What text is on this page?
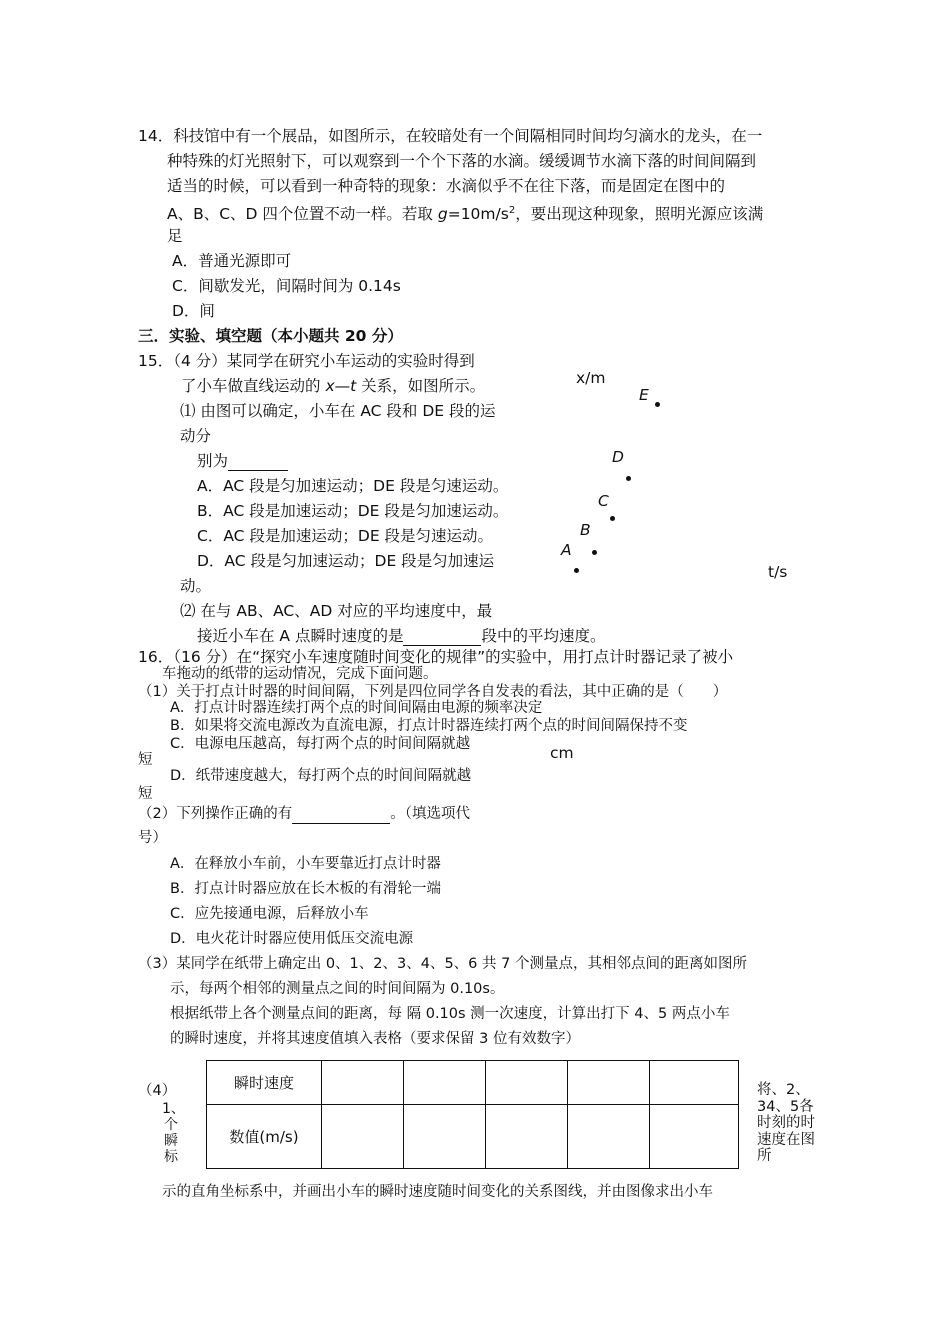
14．科技馆中有一个展品，如图所示，在较暗处有一个间隔相同时间均匀滴水的龙头，在一
种特殊的灯光照射下，可以观察到一个个下落的水滴。缓缓调节水滴下落的时间间隔到
适当的时候，可以看到一种奇特的现象：水滴似乎不在往下落，而是固定在图中的
A、B、C、D 四个位置不动一样。若取 $g=10m/s^2$，要出现这种现象，照明光源应该满
足
A．普通光源即可
C．间歇发光，间隔时间为 0.14s
D．间
三．实验、填空题（本小题共 20 分）
15．（4 分）某同学在研究小车运动的实验时得到
了小车做直线运动的 x—t 关系，如图所示。
⑴ 由图可以确定，小车在 AC 段和 DE 段的运
动分
别为
A．AC 段是匀加速运动；DE 段是匀速运动。
B．AC 段是加速运动；DE 段是匀加速运动。
C．AC 段是加速运动；DE 段是匀速运动。
D．AC 段是匀加速运动；DE 段是匀加速运
动。
⑵ 在与 AB、AC、AD 对应的平均速度中，最
接近小车在 A 点瞬时速度的是	段中的平均速度。
x/m
t/s
E
D
C
B
A
16．（16 分）在“探究小车速度随时间变化的规律”的实验中，用打点计时器记录了被小
车拖动的纸带的运动情况，完成下面问题。
（1）关于打点计时器的时间间隔，下列是四位同学各自发表的看法，其中正确的是（　　）
A．打点计时器连续打两个点的时间间隔由电源的频率决定
B．如果将交流电源改为直流电源，打点计时器连续打两个点的时间间隔保持不变
C．电源电压越高，每打两个点的时间间隔就越
短	cm
D．纸带速度越大，每打两个点的时间间隔就越
短
（2）下列操作正确的有	。（填选项代
号）
A．在释放小车前，小车要靠近打点计时器
B．打点计时器应放在长木板的有滑轮一端
C．应先接通电源，后释放小车
D．电火花计时器应使用低压交流电源
（3）某同学在纸带上确定出 0、1、2、3、4、5、6 共 7 个测量点，其相邻点间的距离如图所
示，每两个相邻的测量点之间的时间间隔为 0.10s。
根据纸带上各个测量点间的距离，每 隔 0.10s 测一次速度，计算出打下 4、5 两点小车
的瞬时速度，并将其速度值填入表格（要求保留 3 位有效数字）
瞬时速度					
数值(m/s)					
（4）
1、个瞬标
将、2、34、5各时刻的时速度在图所
示的直角坐标系中，并画出小车的瞬时速度随时间变化的关系图线，并由图像求出小车
